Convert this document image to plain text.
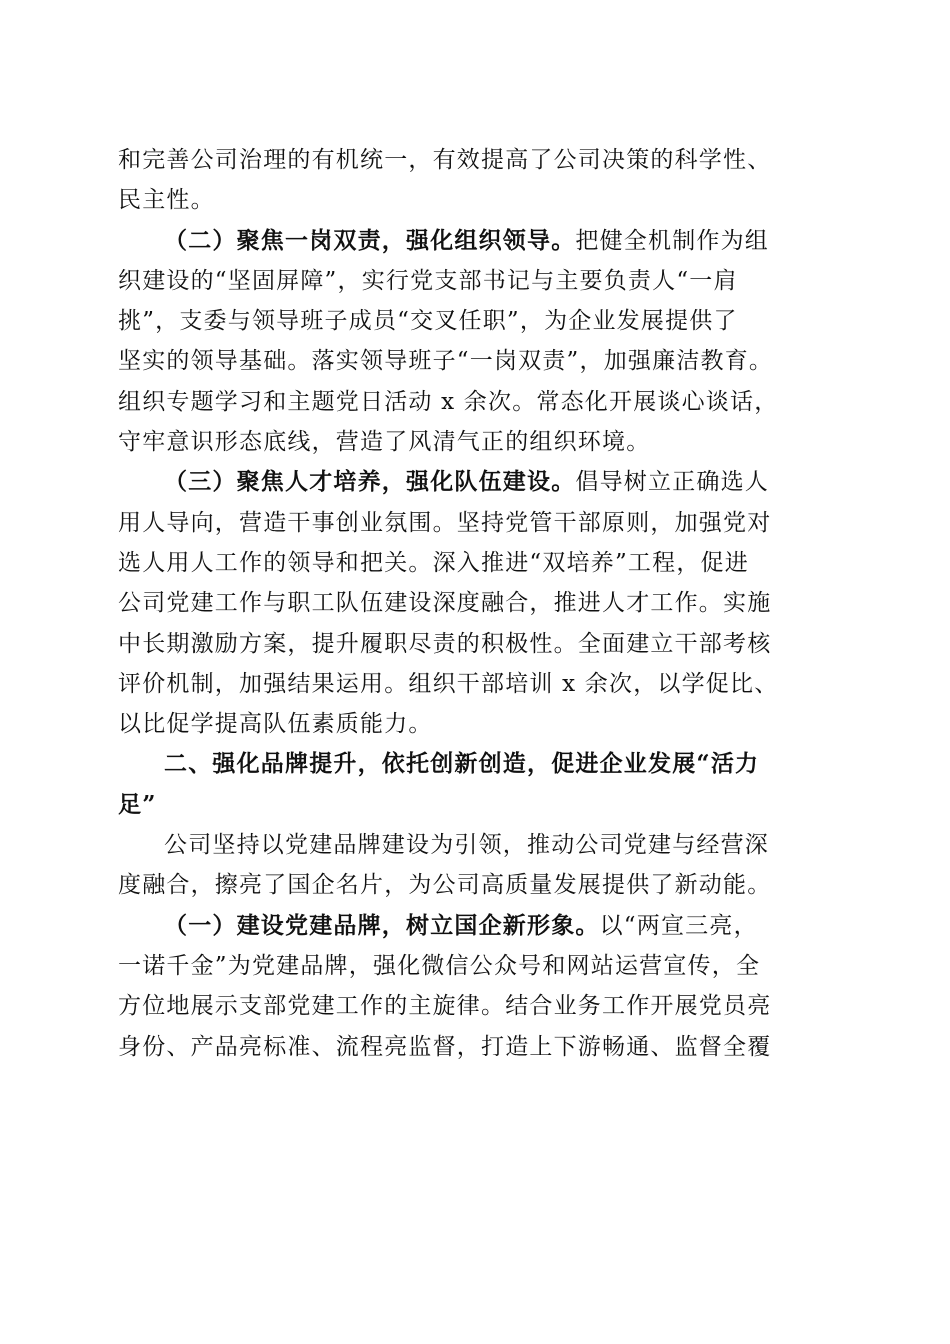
和完善公司治理的有机统一，有效提高了公司决策的科学性、
民主性。
（二）聚焦一岗双责，强化组织领导。把健全机制作为组
织建设的“坚固屏障”，实行党支部书记与主要负责人“一肩
挑”，支委与领导班子成员“交叉任职”，为企业发展提供了
坚实的领导基础。落实领导班子“一岗双责”，加强廉洁教育。
组织专题学习和主题党日活动 x 余次。常态化开展谈心谈话，
守牢意识形态底线，营造了风清气正的组织环境。
（三）聚焦人才培养，强化队伍建设。倡导树立正确选人
用人导向，营造干事创业氛围。坚持党管干部原则，加强党对
选人用人工作的领导和把关。深入推进“双培养”工程，促进
公司党建工作与职工队伍建设深度融合，推进人才工作。实施
中长期激励方案，提升履职尽责的积极性。全面建立干部考核
评价机制，加强结果运用。组织干部培训 x 余次，以学促比、
以比促学提高队伍素质能力。
二、强化品牌提升，依托创新创造，促进企业发展“活力
足”
公司坚持以党建品牌建设为引领，推动公司党建与经营深
度融合，擦亮了国企名片，为公司高质量发展提供了新动能。
（一）建设党建品牌，树立国企新形象。以“两宣三亮，
一诺千金”为党建品牌，强化微信公众号和网站运营宣传，全
方位地展示支部党建工作的主旋律。结合业务工作开展党员亮
身份、产品亮标准、流程亮监督，打造上下游畅通、监督全覆
